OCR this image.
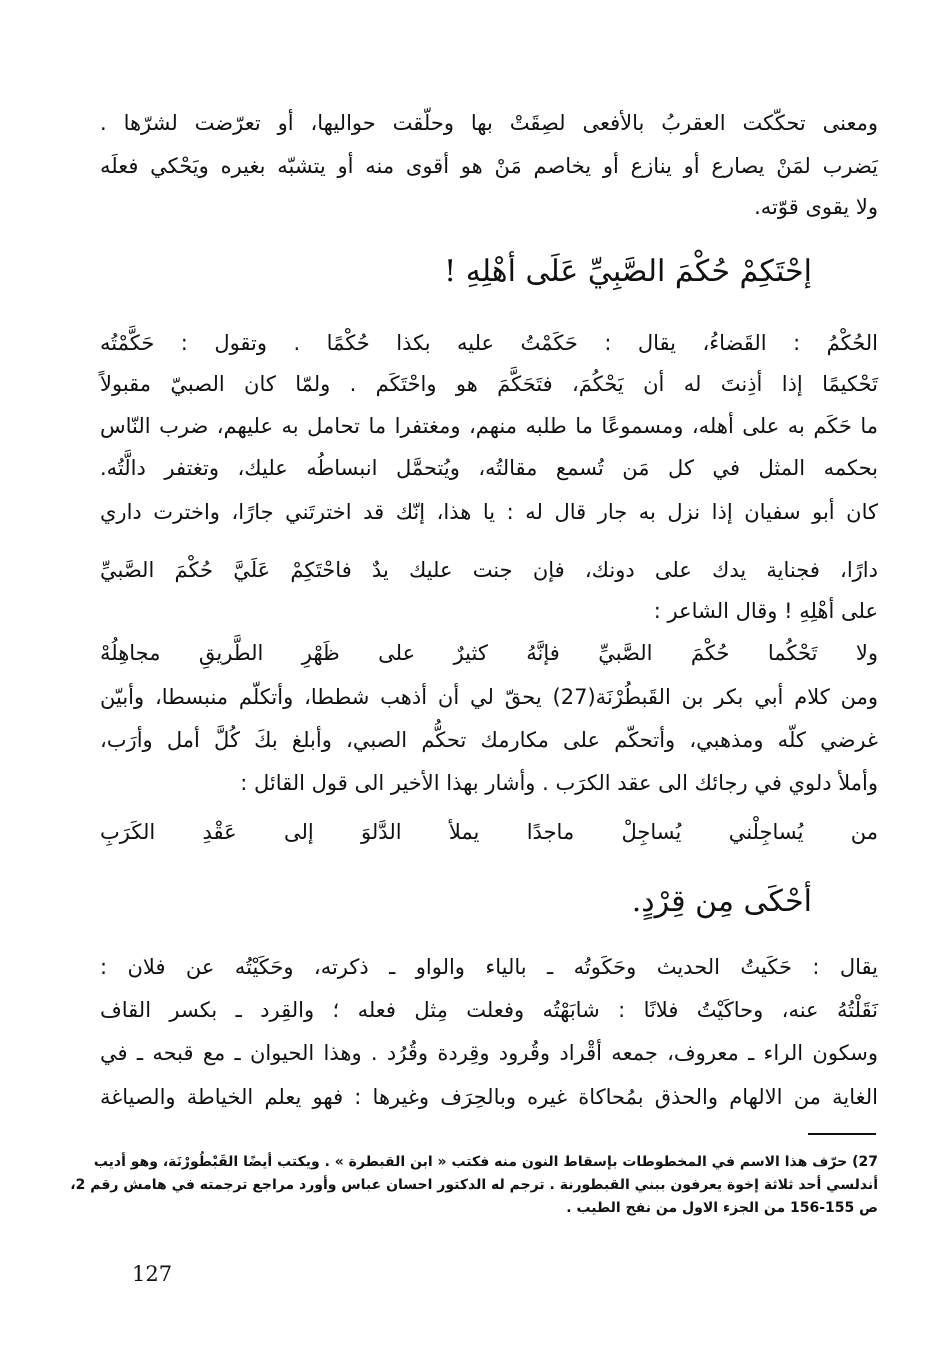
ومعنى تحكّكت العقربُ بالأفعى لصِقَتْ بها وحلّقت حواليها، أو تعرّضت لشرّها .
يَضرب لمَنْ يصارع أو ينازع أو يخاصم مَنْ هو أقوى منه أو يتشبّه بغيره ويَحْكي فعلَه
ولا يقوى قوّته.
إحْتَكِمْ حُكْمَ الصَّبِيِّ عَلَى أهْلِهِ !
الحُكْمُ : القَضاءُ، يقال : حَكَمْتُ عليه بكذا حُكْمًا . وتقول : حَكَّمْتُه
تَحْكيمًا إذا أذِنتَ له أن يَحْكُمَ، فتَحَكَّمَ هو واحْتَكَم . ولمّا كان الصبيّ مقبولاً
ما حَكَم به على أهله، ومسموعًا ما طلبه منهم، ومغتفرا ما تحامل به عليهم، ضرب النّاس
بحكمه المثل في كل مَن تُسمع مقالتُه، ويُتحمَّل انبساطُه عليك، وتغتفر دالَّتُه.
كان أبو سفيان إذا نزل به جار قال له : يا هذا، إنّك قد اخترتَني جارًا، واخترت داري
دارًا، فجناية يدك على دونك، فإن جنت عليك يدٌ فاحْتَكِمْ عَلَيَّ حُكْمَ الصَّبيِّ
على أهْلِهِ ! وقال الشاعر :
ولا تَحْكُما حُكْمَ الصَّبيِّ فإنَّهُ كثيرٌ على ظَهْرِ الطَّريقِ مجاهِلُهْ
ومن كلام أبي بكر بن القَبطُرْنَة(27) يحقّ لي أن أذهب شططا، وأتكلّم منبسطا، وأبيّن
غرضي كلّه ومذهبي، وأتحكّم على مكارمك تحكُّم الصبي، وأبلغ بكَ كُلَّ أمل وأرَب،
وأملأ دلوي في رجائك الى عقد الكرَب . وأشار بهذا الأخير الى قول القائل :
من يُساجِلْني يُساجِلْ ماجدًا يملأ الدَّلوَ إلى عَقْدِ الكَرَبِ
أحْكَى مِن قِرْدٍ.
يقال : حَكَيتُ الحديث وحَكَوتُه ـ بالياء والواو ـ ذكرته، وحَكَيْتُه عن فلان :
نَقَلْتُهُ عنه، وحاكَيْتُ فلانًا : شابَهْتُه وفعلت مِثل فعله ؛ والقِرد ـ بكسر القاف
وسكون الراء ـ معروف، جمعه أقْراد وقُرود وقِردة وقُرُد . وهذا الحيوان ـ مع قبحه ـ في
الغاية من الالهام والحذق بمُحاكاة غيره وبالحِرَف وغيرها : فهو يعلم الخياطة والصياغة
27) حرّف هذا الاسم في المخطوطات بإسقاط النون منه فكتب « ابن القبطرة » . ويكتب أيضًا القَبْطُورْنَة، وهو أديب
أندلسي أحد ثلاثة إخوة يعرفون ببني القبطورنة . ترجم له الدكتور احسان عباس وأورد مراجع ترجمته في هامش رقم 2،
ص 155-156 من الجزء الاول من نفح الطيب .
127
